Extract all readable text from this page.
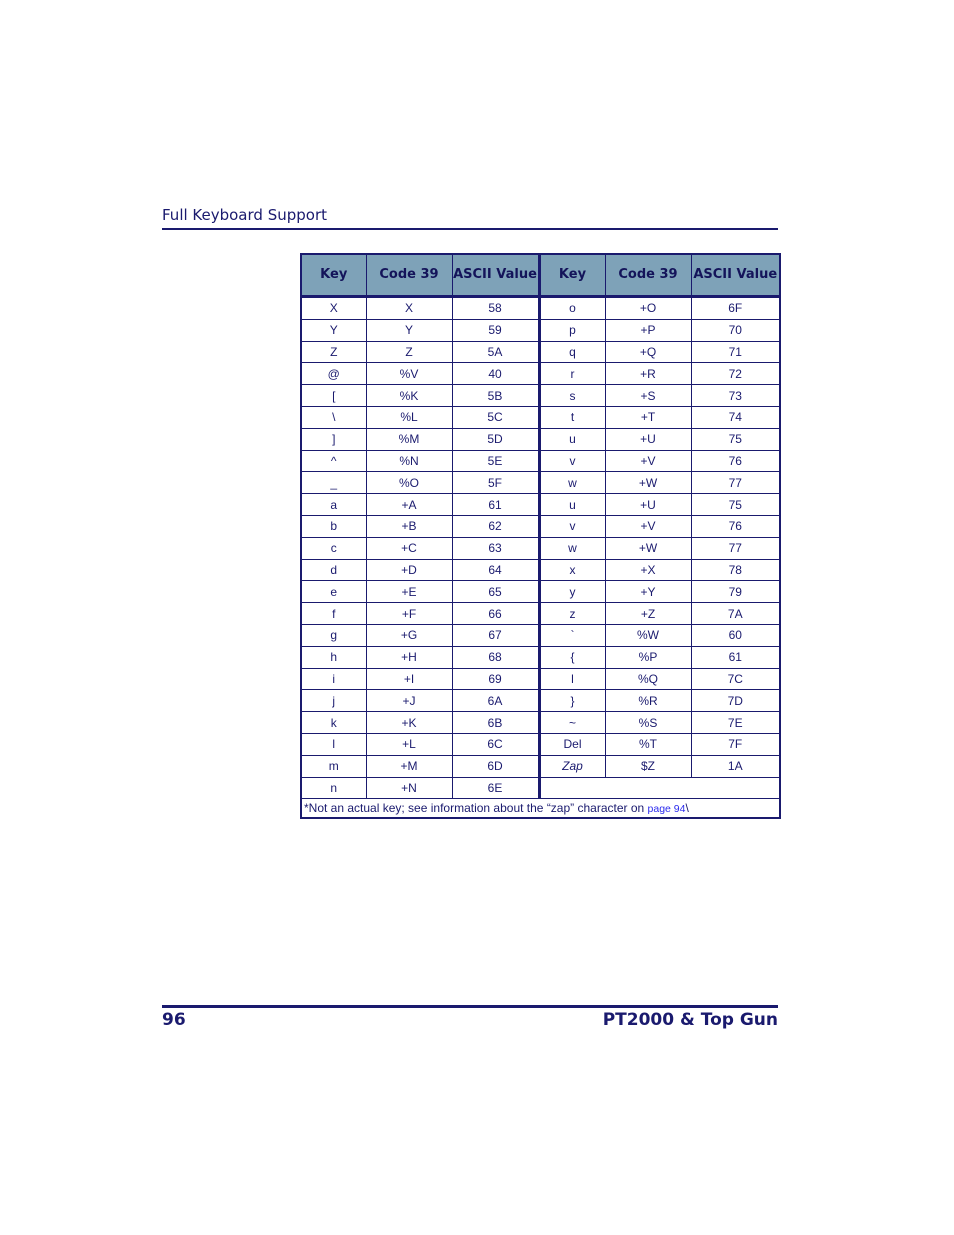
Full Keyboard Support
Key	Code 39	ASCII Value	Key	Code 39	ASCII Value
X	X	58	o	+O	6F
Y	Y	59	p	+P	70
Z	Z	5A	q	+Q	71
@	%V	40	r	+R	72
[	%K	5B	s	+S	73
\	%L	5C	t	+T	74
]	%M	5D	u	+U	75
^	%N	5E	v	+V	76
_	%O	5F	w	+W	77
a	+A	61	u	+U	75
b	+B	62	v	+V	76
c	+C	63	w	+W	77
d	+D	64	x	+X	78
e	+E	65	y	+Y	79
f	+F	66	z	+Z	7A
g	+G	67	`	%W	60
h	+H	68	{	%P	61
i	+I	69	l	%Q	7C
j	+J	6A	}	%R	7D
k	+K	6B	~	%S	7E
l	+L	6C	Del	%T	7F
m	+M	6D	Zap	$Z	1A
n	+N	6E			
*Not an actual key; see information about the “zap” character on page 94\					
96	PT2000 & Top Gun
